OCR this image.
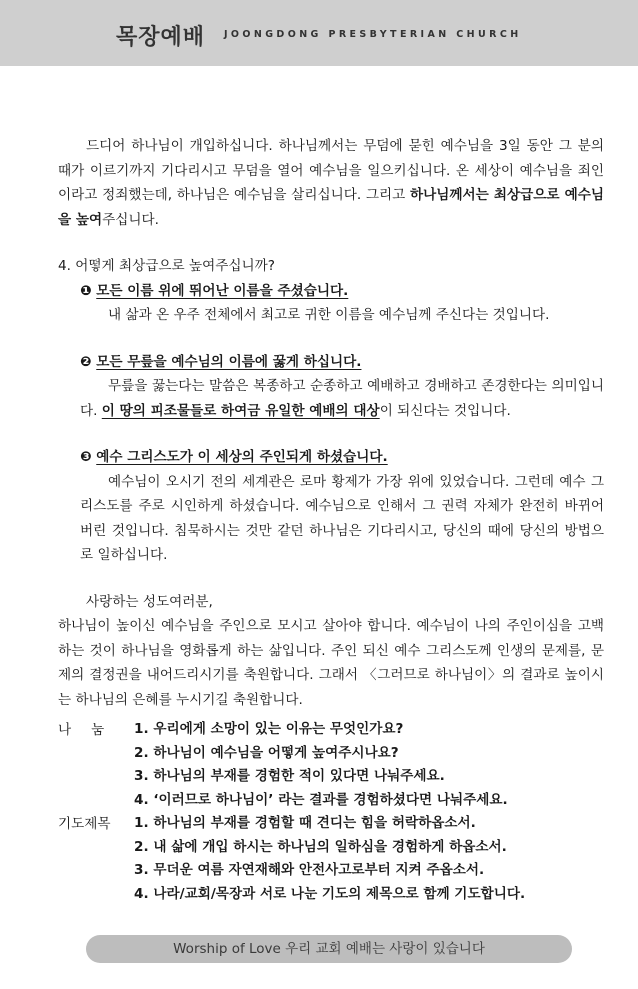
목장예배 JOONGDONG PRESBYTERIAN CHURCH

드디어 하나님이 개입하십니다. 하나님께서는 무덤에 묻힌 예수님을 3일 동안 그 분의 때가 이르기까지 기다리시고 무덤을 열어 예수님을 일으키십니다. 온 세상이 예수님을 죄인이라고 정죄했는데, 하나님은 예수님을 살리십니다. 그리고 하나님께서는 최상급으로 예수님을 높여주십니다.

4. 어떻게 최상급으로 높여주십니까?

❶ 모든 이름 위에 뛰어난 이름을 주셨습니다.

내 삶과 온 우주 전체에서 최고로 귀한 이름을 예수님께 주신다는 것입니다.

❷ 모든 무릎을 예수님의 이름에 꿇게 하십니다.

무릎을 꿇는다는 말씀은 복종하고 순종하고 예배하고 경배하고 존경한다는 의미입니다. 이 땅의 피조물들로 하여금 유일한 예배의 대상이 되신다는 것입니다.

❸ 예수 그리스도가 이 세상의 주인되게 하셨습니다.

예수님이 오시기 전의 세계관은 로마 황제가 가장 위에 있었습니다. 그런데 예수 그리스도를 주로 시인하게 하셨습니다. 예수님으로 인해서 그 권력 자체가 완전히 바뀌어 버린 것입니다. 침묵하시는 것만 같던 하나님은 기다리시고, 당신의 때에 당신의 방법으로 일하십니다.

사랑하는 성도여러분,

하나님이 높이신 예수님을 주인으로 모시고 살아야 합니다. 예수님이 나의 주인이심을 고백하는 것이 하나님을 영화롭게 하는 삶입니다. 주인 되신 예수 그리스도께 인생의 문제를, 문제의 결정권을 내어드리시기를 축원합니다. 그래서 〈그러므로 하나님이〉의 결과로 높이시는 하나님의 은혜를 누시기길 축원합니다.

나눔 1. 우리에게 소망이 있는 이유는 무엇인가요?
2. 하나님이 예수님을 어떻게 높여주시나요?
3. 하나님의 부재를 경험한 적이 있다면 나눠주세요.
4. ‘이러므로 하나님이’ 라는 결과를 경험하셨다면 나눠주세요.
기도제목	1. 하나님의 부재를 경험할 때 견디는 힘을 허락하옵소서.
2. 내 삶에 개입 하시는 하나님의 일하심을 경험하게 하옵소서.
3. 무더운 여름 자연재해와 안전사고로부터 지켜 주옵소서.
4. 나라/교회/목장과 서로 나눈 기도의 제목으로 함께 기도합니다.
Worship of Love 우리 교회 예배는 사랑이 있습니다
